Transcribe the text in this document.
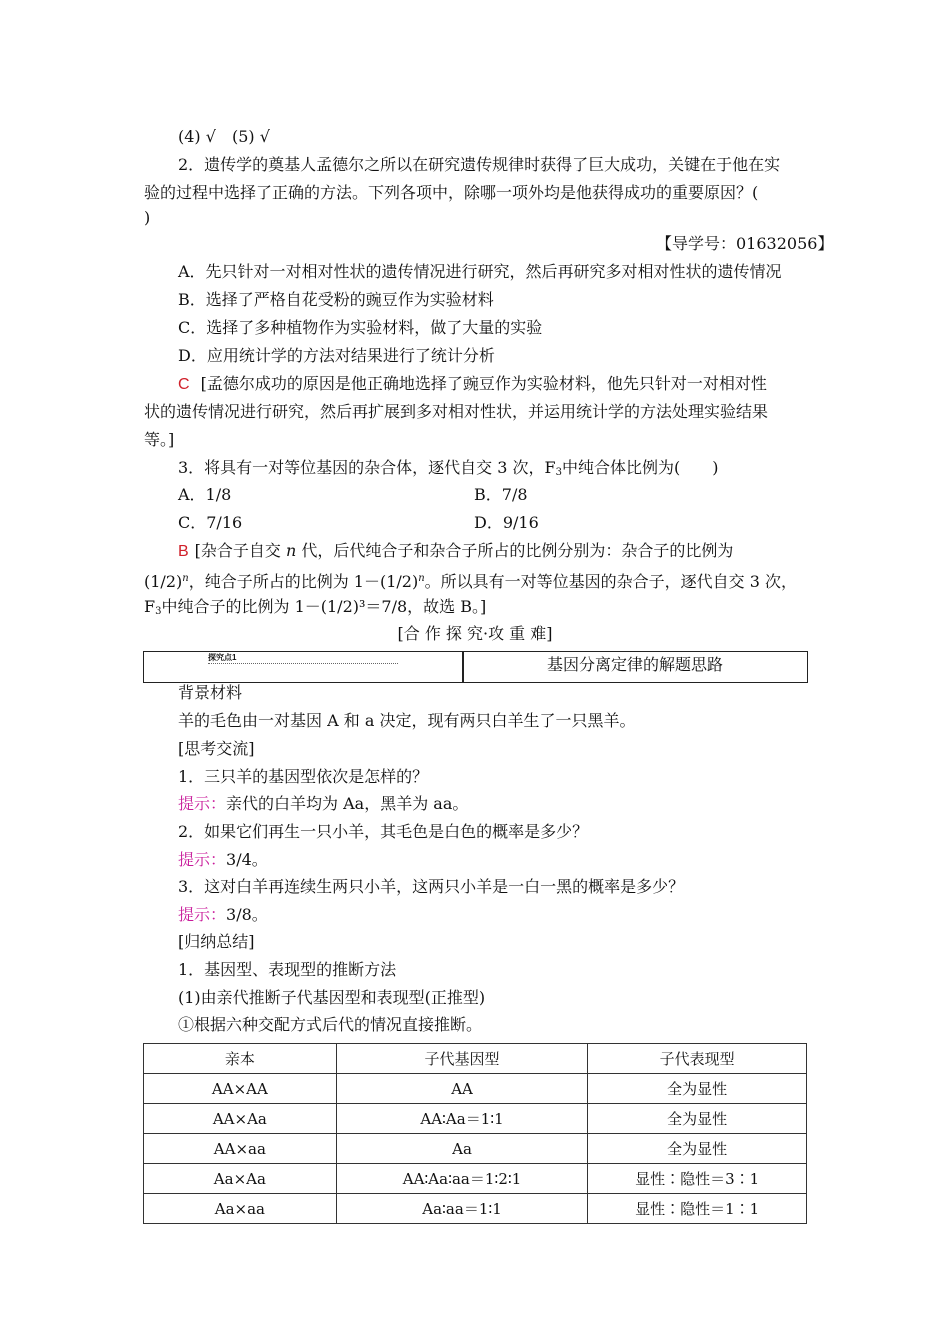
(4) √　(5) √
2．遗传学的奠基人孟德尔之所以在研究遗传规律时获得了巨大成功，关键在于他在实
验的过程中选择了正确的方法。下列各项中，除哪一项外均是他获得成功的重要原因？(
)
【导学号：01632056】
A．先只针对一对相对性状的遗传情况进行研究，然后再研究多对相对性状的遗传情况
B．选择了严格自花受粉的豌豆作为实验材料
C．选择了多种植物作为实验材料，做了大量的实验
D．应用统计学的方法对结果进行了统计分析
C [孟德尔成功的原因是他正确地选择了豌豆作为实验材料，他先只针对一对相对性
状的遗传情况进行研究，然后再扩展到多对相对性状，并运用统计学的方法处理实验结果
等。]
3．将具有一对等位基因的杂合体，逐代自交 3 次，$F_3$中纯合体比例为(　　)
A．1/8	B．7/8
C．7/16	D．9/16
B [杂合子自交 n 代，后代纯合子和杂合子所占的比例分别为：杂合子的比例为
$(1/2)^n$，纯合子所占的比例为 $1-(1/2)^n$。所以具有一对等位基因的杂合子，逐代自交 3 次，
$F_3$中纯合子的比例为 1－(1/2)³＝7/8，故选 B。]
[合 作 探 究·攻 重 难]
探究点1	基因分离定律的解题思路
背景材料
羊的毛色由一对基因 A 和 a 决定，现有两只白羊生了一只黑羊。
[思考交流]
1．三只羊的基因型依次是怎样的？
提示：亲代的白羊均为 Aa，黑羊为 aa。
2．如果它们再生一只小羊，其毛色是白色的概率是多少？
提示：3/4。
3．这对白羊再连续生两只小羊，这两只小羊是一白一黑的概率是多少？
提示：3/8。
[归纳总结]
1．基因型、表现型的推断方法
(1)由亲代推断子代基因型和表现型(正推型)
①根据六种交配方式后代的情况直接推断。
亲本	子代基因型	子代表现型
AA×AA	AA	全为显性
AA×Aa	AA∶Aa＝1∶1	全为显性
AA×aa	Aa	全为显性
Aa×Aa	AA∶Aa∶aa＝1∶2∶1	显性∶隐性＝3∶1
Aa×aa	Aa∶aa＝1∶1	显性∶隐性＝1∶1
